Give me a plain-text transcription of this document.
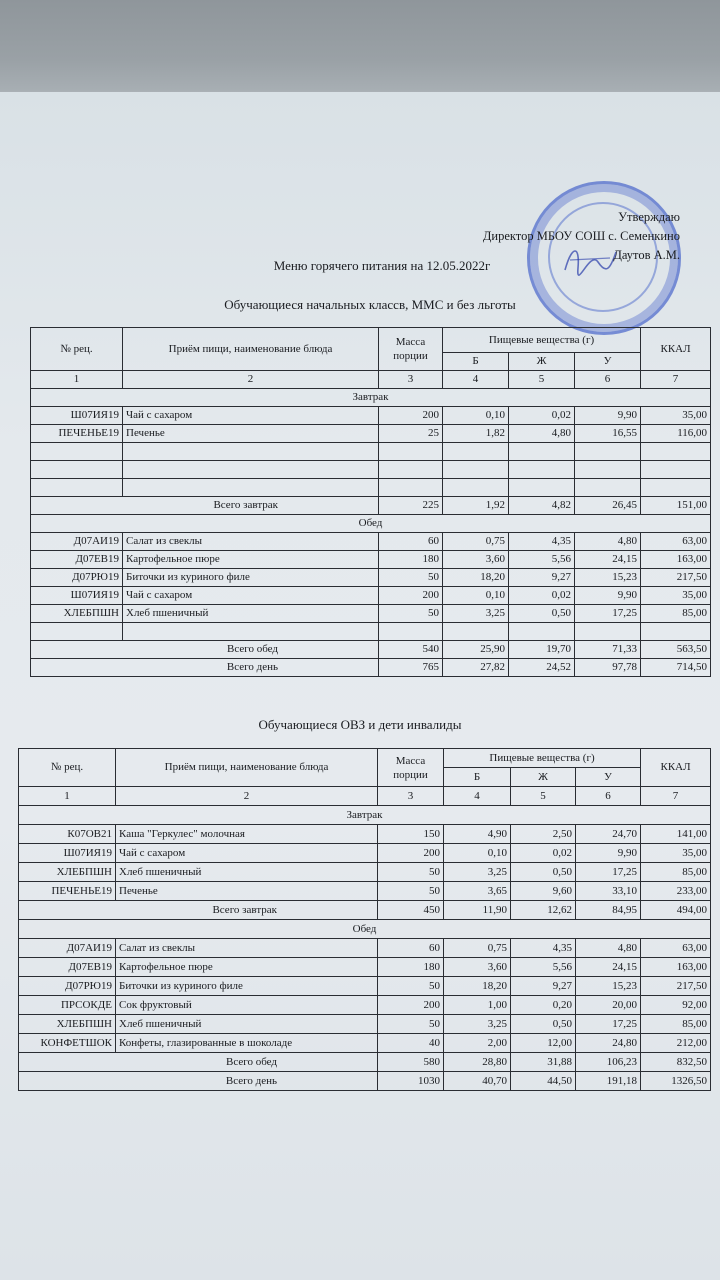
Утверждаю
Директор МБОУ СОШ с. Семенкино
Даутов А.М.
Меню горячего питания на 12.05.2022г
Обучающиеся начальных классв, ММС и без льготы
№ рец.	Приём пищи, наименование блюда	Масса порции	Пищевые вещества (г)			ККАЛ
			Б	Ж	У	
1	2	3	4	5	6	7
Завтрак						
Ш07ИЯ19	Чай с сахаром	200	0,10	0,02	9,90	35,00
ПЕЧЕНЬЕ19	Печенье	25	1,82	4,80	16,55	116,00

Всего завтрак		225	1,92	4,82	26,45	151,00
Обед						
Д07АИ19	Салат из свеклы	60	0,75	4,35	4,80	63,00
Д07ЕВ19	Картофельное пюре	180	3,60	5,56	24,15	163,00
Д07РЮ19	Биточки из куриного филе	50	18,20	9,27	15,23	217,50
Ш07ИЯ19	Чай с сахаром	200	0,10	0,02	9,90	35,00
ХЛЕБПШН	Хлеб пшеничный	50	3,25	0,50	17,25	85,00

Всего обед		540	25,90	19,70	71,33	563,50
Всего день		765	27,82	24,52	97,78	714,50
Обучающиеся ОВЗ и дети инвалиды
№ рец.	Приём пищи, наименование блюда	Масса порции	Пищевые вещества (г)			ККАЛ
			Б	Ж	У	
1	2	3	4	5	6	7
Завтрак						
К07ОВ21	Каша "Геркулес" молочная	150	4,90	2,50	24,70	141,00
Ш07ИЯ19	Чай с сахаром	200	0,10	0,02	9,90	35,00
ХЛЕБПШН	Хлеб пшеничный	50	3,25	0,50	17,25	85,00
ПЕЧЕНЬЕ19	Печенье	50	3,65	9,60	33,10	233,00
Всего завтрак		450	11,90	12,62	84,95	494,00
Обед						
Д07АИ19	Салат из свеклы	60	0,75	4,35	4,80	63,00
Д07ЕВ19	Картофельное пюре	180	3,60	5,56	24,15	163,00
Д07РЮ19	Биточки из куриного филе	50	18,20	9,27	15,23	217,50
ПРСОКДЕ	Сок фруктовый	200	1,00	0,20	20,00	92,00
ХЛЕБПШН	Хлеб пшеничный	50	3,25	0,50	17,25	85,00
КОНФЕТШОК	Конфеты, глазированные в шоколаде	40	2,00	12,00	24,80	212,00
Всего обед		580	28,80	31,88	106,23	832,50
Всего день		1030	40,70	44,50	191,18	1326,50
